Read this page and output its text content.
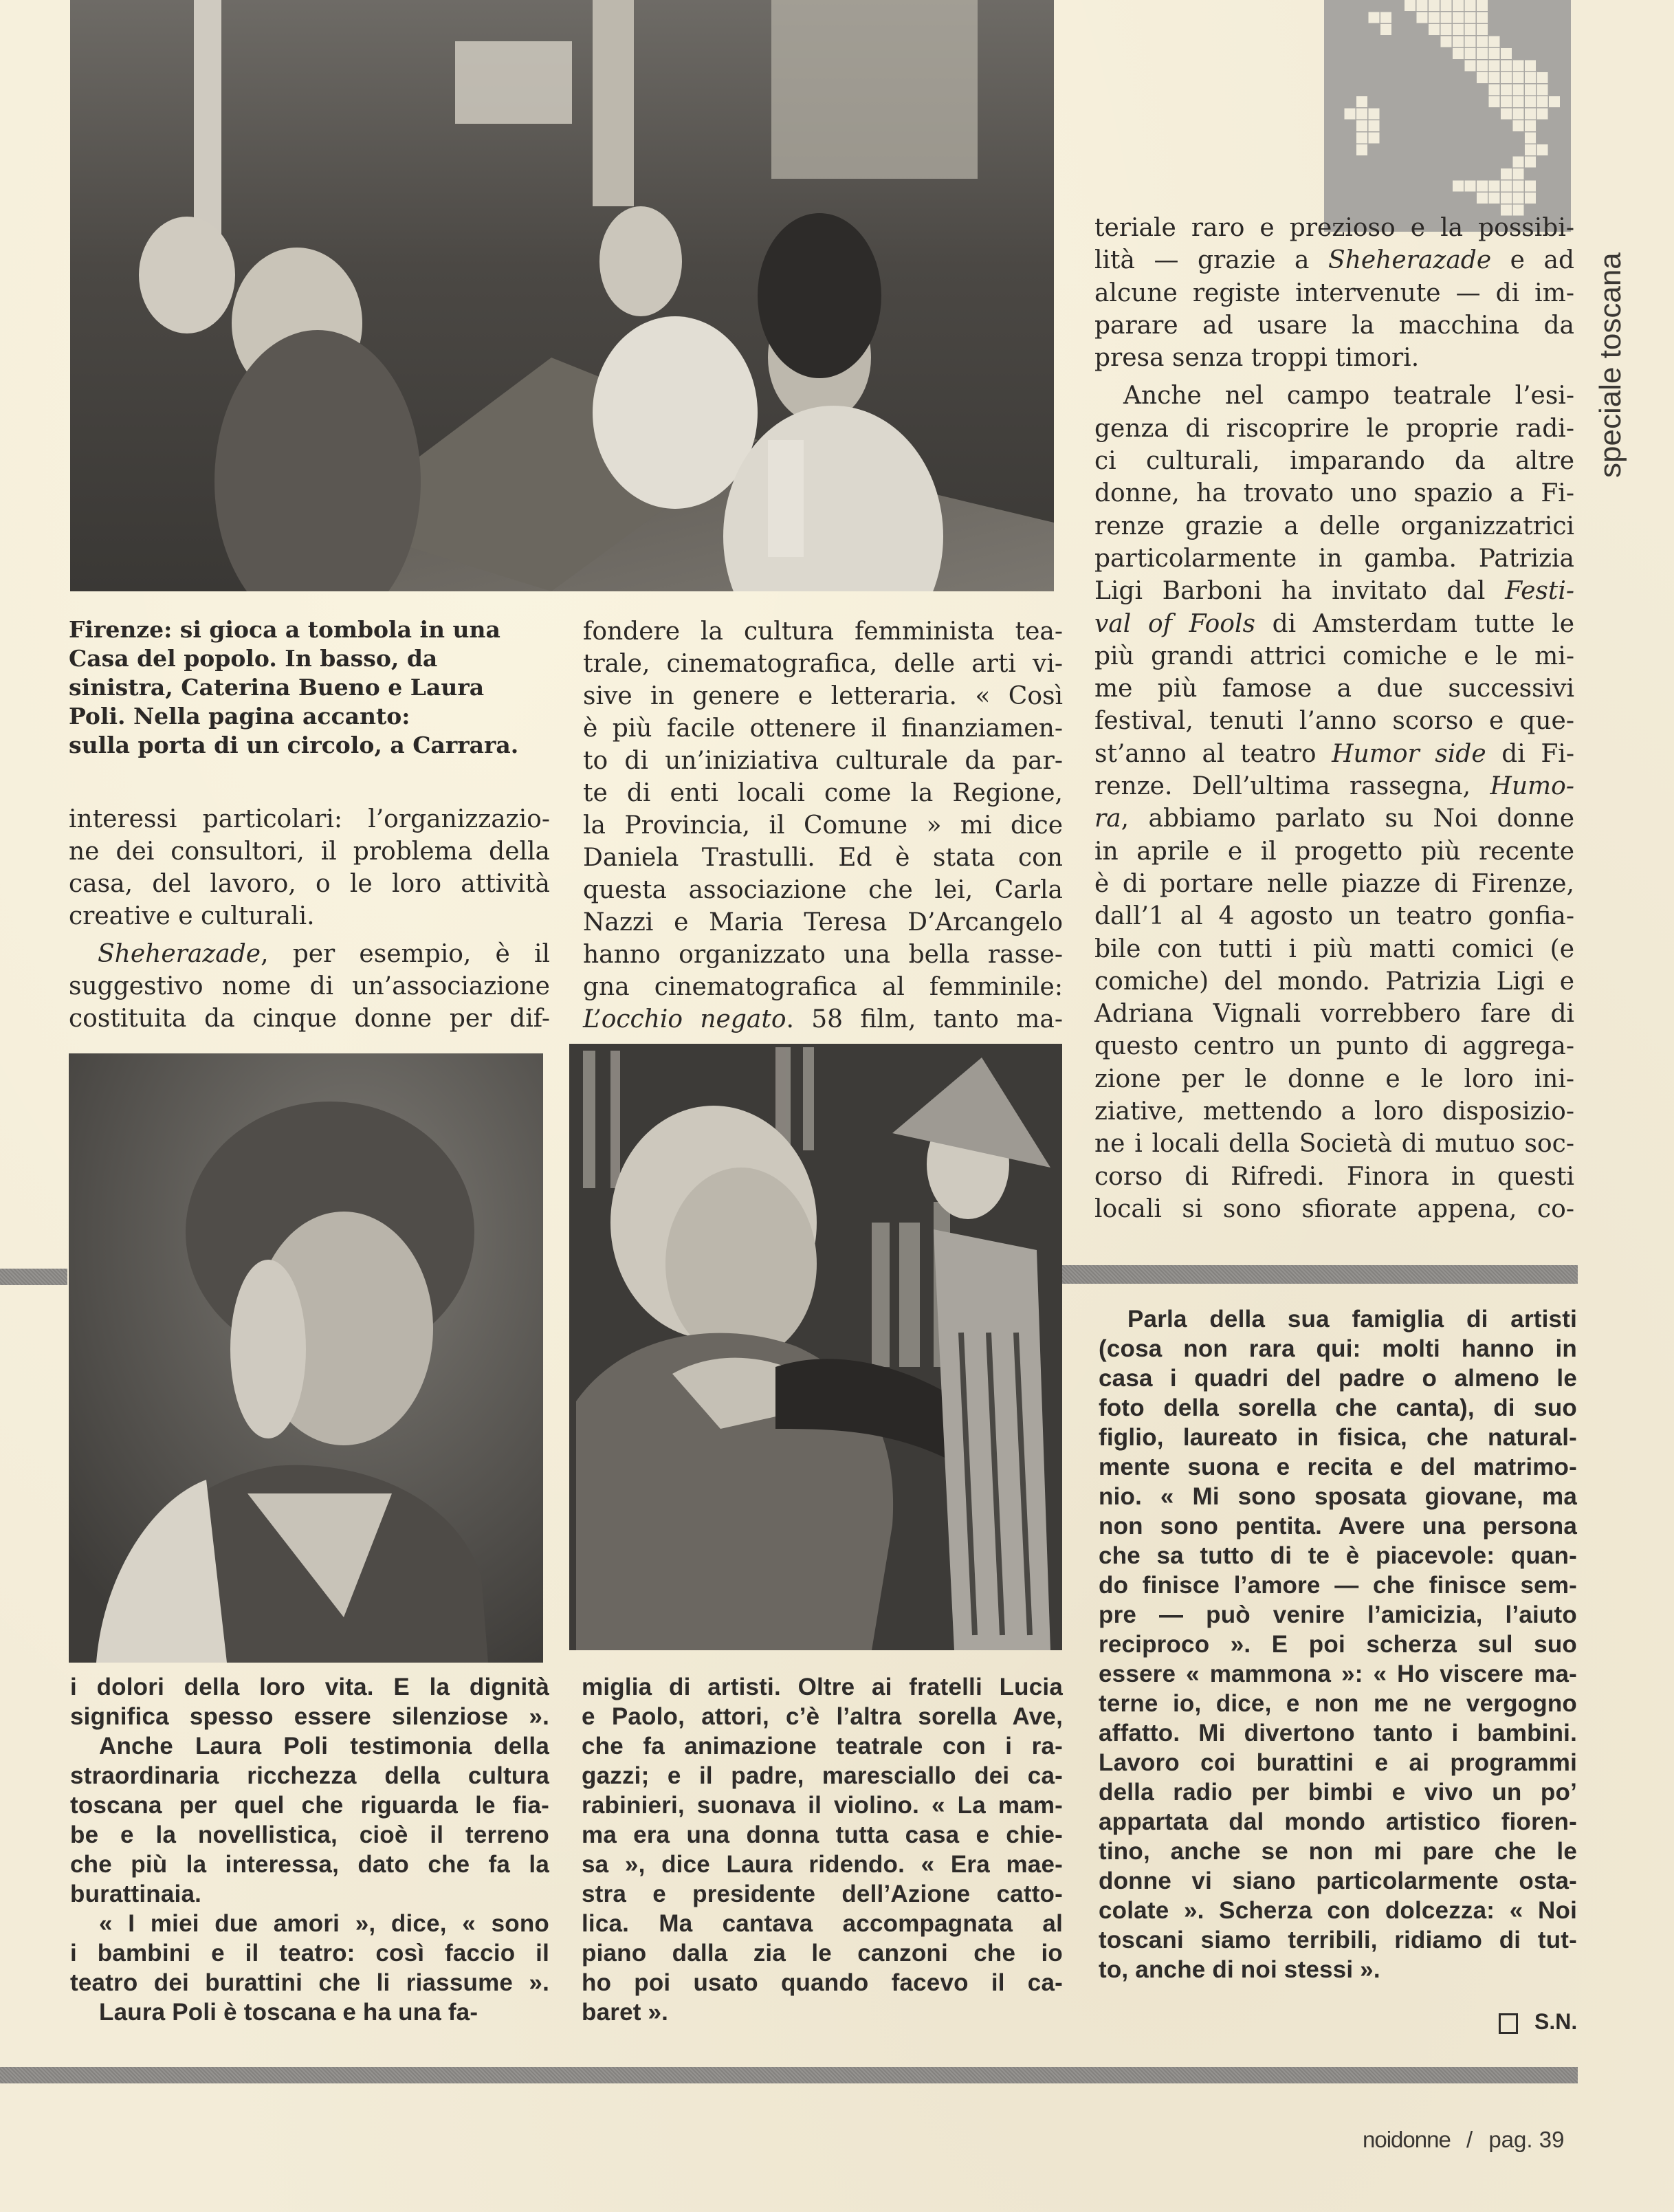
speciale toscana

Firenze: si gioca a tombola in una

Casa del popolo. In basso, da

sinistra, Caterina Bueno e Laura

Poli. Nella pagina accanto:

sulla porta di un circolo, a Carrara.

interessi particolari: l’organizzazio-

ne dei consultori, il problema della

casa, del lavoro, o le loro attività

creative e culturali.

Sheherazade, per esempio, è il

suggestivo nome di un’associazione

costituita da cinque donne per dif-

fondere la cultura femminista tea-

trale, cinematografica, delle arti vi-

sive in genere e letteraria. « Così

è più facile ottenere il finanziamen-

to di un’iniziativa culturale da par-

te di enti locali come la Regione,

la Provincia, il Comune » mi dice

Daniela Trastulli. Ed è stata con

questa associazione che lei, Carla

Nazzi e Maria Teresa D’Arcangelo

hanno organizzato una bella rasse-

gna cinematografica al femminile:

L’occhio negato. 58 film, tanto ma-

teriale raro e prezioso e la possibi-

lità — grazie a Sheherazade e ad

alcune registe intervenute — di im-

parare ad usare la macchina da

presa senza troppi timori.

Anche nel campo teatrale l’esi-

genza di riscoprire le proprie radi-

ci culturali, imparando da altre

donne, ha trovato uno spazio a Fi-

renze grazie a delle organizzatrici

particolarmente in gamba. Patrizia

Ligi Barboni ha invitato dal Festi-

val of Fools di Amsterdam tutte le

più grandi attrici comiche e le mi-

me più famose a due successivi

festival, tenuti l’anno scorso e que-

st’anno al teatro Humor side di Fi-

renze. Dell’ultima rassegna, Humo-

ra, abbiamo parlato su Noi donne

in aprile e il progetto più recente

è di portare nelle piazze di Firenze,

dall’1 al 4 agosto un teatro gonfia-

bile con tutti i più matti comici (e

comiche) del mondo. Patrizia Ligi e

Adriana Vignali vorrebbero fare di

questo centro un punto di aggrega-

zione per le donne e le loro ini-

ziative, mettendo a loro disposizio-

ne i locali della Società di mutuo soc-

corso di Rifredi. Finora in questi

locali si sono sfiorate appena, co-

i dolori della loro vita. E la dignità

significa spesso essere silenziose ».

Anche Laura Poli testimonia della

straordinaria ricchezza della cultura

toscana per quel che riguarda le fia-

be e la novellistica, cioè il terreno

che più la interessa, dato che fa la

burattinaia.

« I miei due amori », dice, « sono

i bambini e il teatro: così faccio il

teatro dei burattini che li riassume ».

Laura Poli è toscana e ha una fa-

miglia di artisti. Oltre ai fratelli Lucia

e Paolo, attori, c’è l’altra sorella Ave,

che fa animazione teatrale con i ra-

gazzi; e il padre, maresciallo dei ca-

rabinieri, suonava il violino. « La mam-

ma era una donna tutta casa e chie-

sa », dice Laura ridendo. « Era mae-

stra e presidente dell’Azione catto-

lica. Ma cantava accompagnata al

piano dalla zia le canzoni che io

ho poi usato quando facevo il ca-

baret ».

Parla della sua famiglia di artisti

(cosa non rara qui: molti hanno in

casa i quadri del padre o almeno le

foto della sorella che canta), di suo

figlio, laureato in fisica, che natural-

mente suona e recita e del matrimo-

nio. « Mi sono sposata giovane, ma

non sono pentita. Avere una persona

che sa tutto di te è piacevole: quan-

do finisce l’amore — che finisce sem-

pre — può venire l’amicizia, l’aiuto

reciproco ». E poi scherza sul suo

essere « mammona »: « Ho viscere ma-

terne io, dice, e non me ne vergogno

affatto. Mi divertono tanto i bambini.

Lavoro coi burattini e ai programmi

della radio per bimbi e vivo un po’

appartata dal mondo artistico fioren-

tino, anche se non mi pare che le

donne vi siano particolarmente osta-

colate ». Scherza con dolcezza: « Noi

toscani siamo terribili, ridiamo di tut-

to, anche di noi stessi ».

S.N.
noidonne / pag. 39
